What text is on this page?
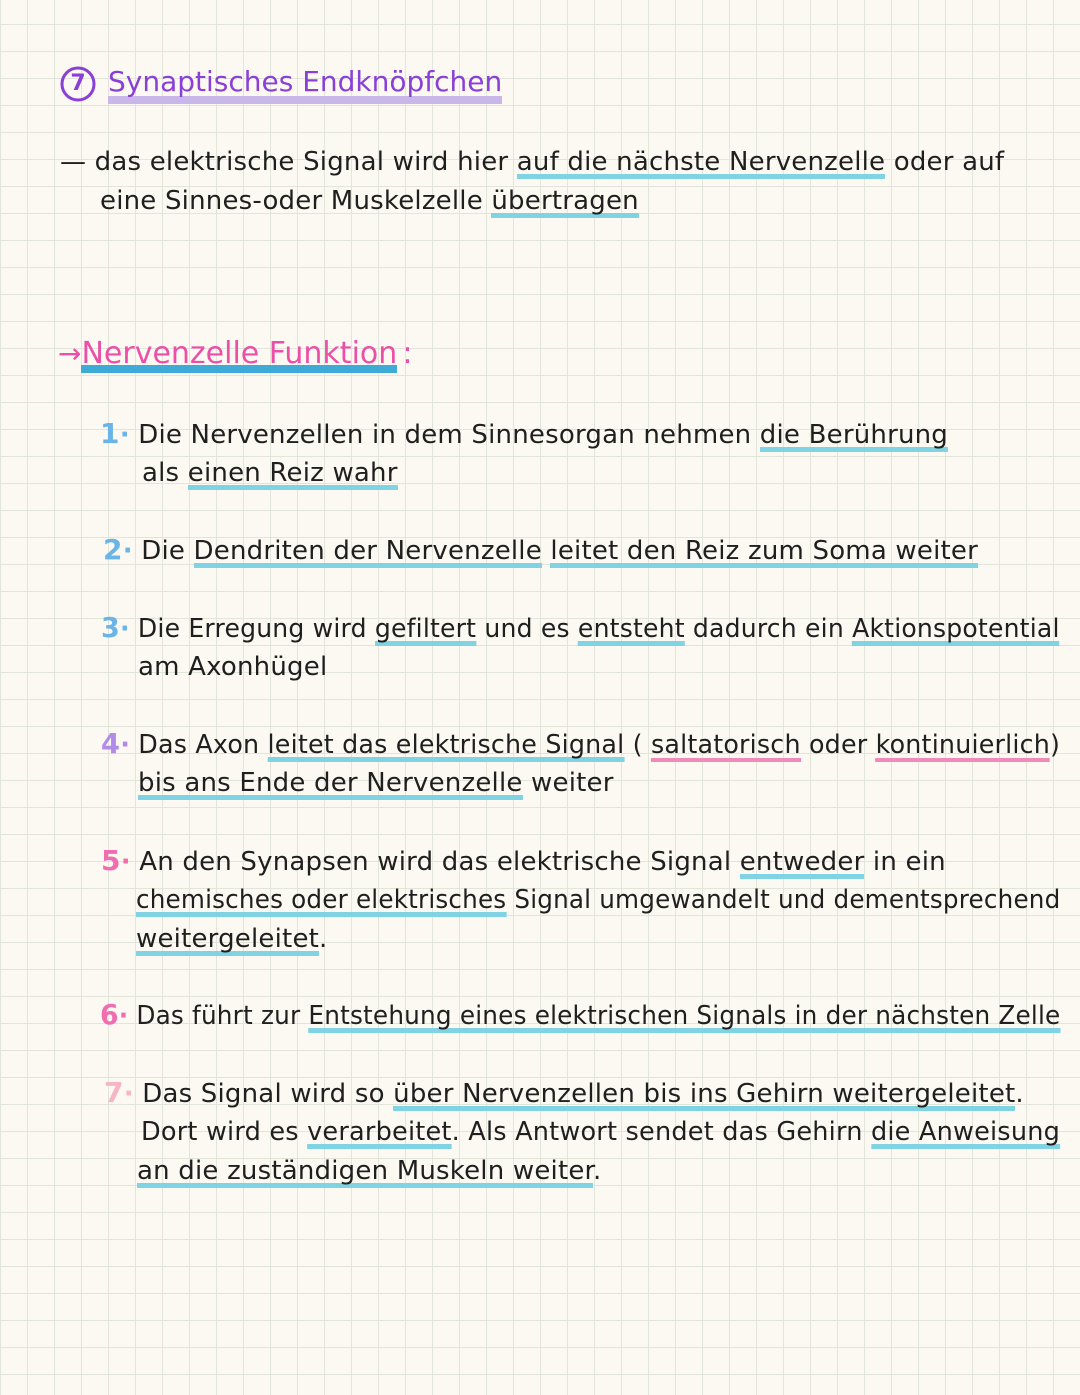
7 Synaptisches Endknöpfchen
— das elektrische Signal wird hier auf die nächste Nervenzelle oder auf
eine Sinnes-oder Muskelzelle übertragen
→Nervenzelle Funktion :
1· Die Nervenzellen in dem Sinnesorgan nehmen die Berührung
als einen Reiz wahr
2· Die Dendriten der Nervenzelle leitet den Reiz zum Soma weiter
3· Die Erregung wird gefiltert und es entsteht dadurch ein Aktionspotential
am Axonhügel
4· Das Axon leitet das elektrische Signal ( saltatorisch oder kontinuierlich)
bis ans Ende der Nervenzelle weiter
5· An den Synapsen wird das elektrische Signal entweder in ein
chemisches oder elektrisches Signal umgewandelt und dementsprechend
weitergeleitet.
6· Das führt zur Entstehung eines elektrischen Signals in der nächsten Zelle
7· Das Signal wird so über Nervenzellen bis ins Gehirn weitergeleitet.
Dort wird es verarbeitet. Als Antwort sendet das Gehirn die Anweisung
an die zuständigen Muskeln weiter.
